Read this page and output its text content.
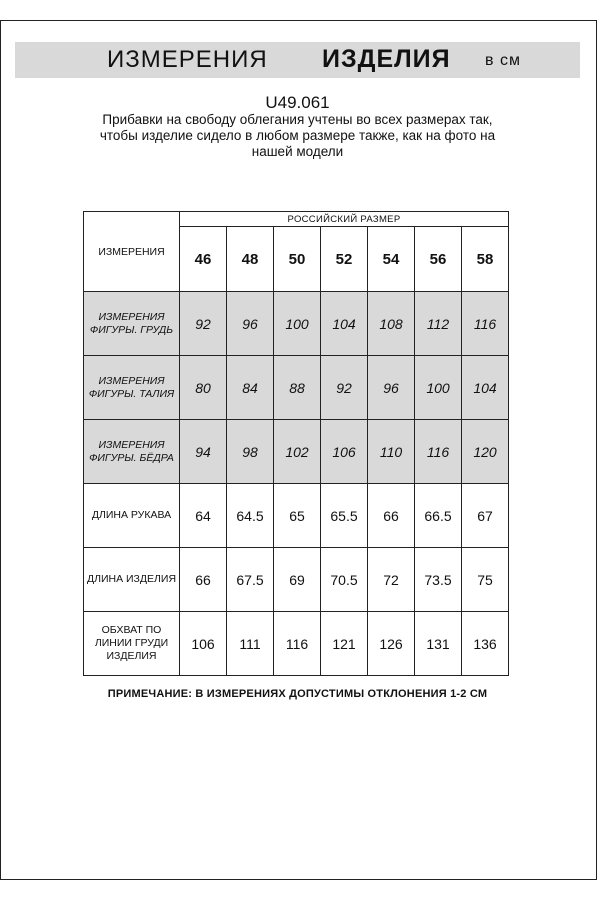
ИЗМЕРЕНИЯ ИЗДЕЛИЯ в см
U49.061
Прибавки на свободу облегания учтены во всех размерах так,
чтобы изделие сидело в любом размере также, как на фото на
нашей модели
ИЗМЕРЕНИЯ	РОССИЙСКИЙ РАЗМЕР						
	46	48	50	52	54	56	58

ИЗМЕРЕНИЯ
ФИГУРЫ. ГРУДЬ	92	96	100	104	108	112	116

ИЗМЕРЕНИЯ
ФИГУРЫ. ТАЛИЯ	80	84	88	92	96	100	104

ИЗМЕРЕНИЯ
ФИГУРЫ. БЁДРА	94	98	102	106	110	116	120

ДЛИНА РУКАВА	64	64.5	65	65.5	66	66.5	67

ДЛИНА ИЗДЕЛИЯ	66	67.5	69	70.5	72	73.5	75

ОБХВАТ ПО
ЛИНИИ ГРУДИ
ИЗДЕЛИЯ	106	111	116	121	126	131	136
ПРИМЕЧАНИЕ: В ИЗМЕРЕНИЯХ ДОПУСТИМЫ ОТКЛОНЕНИЯ 1-2 СМ
